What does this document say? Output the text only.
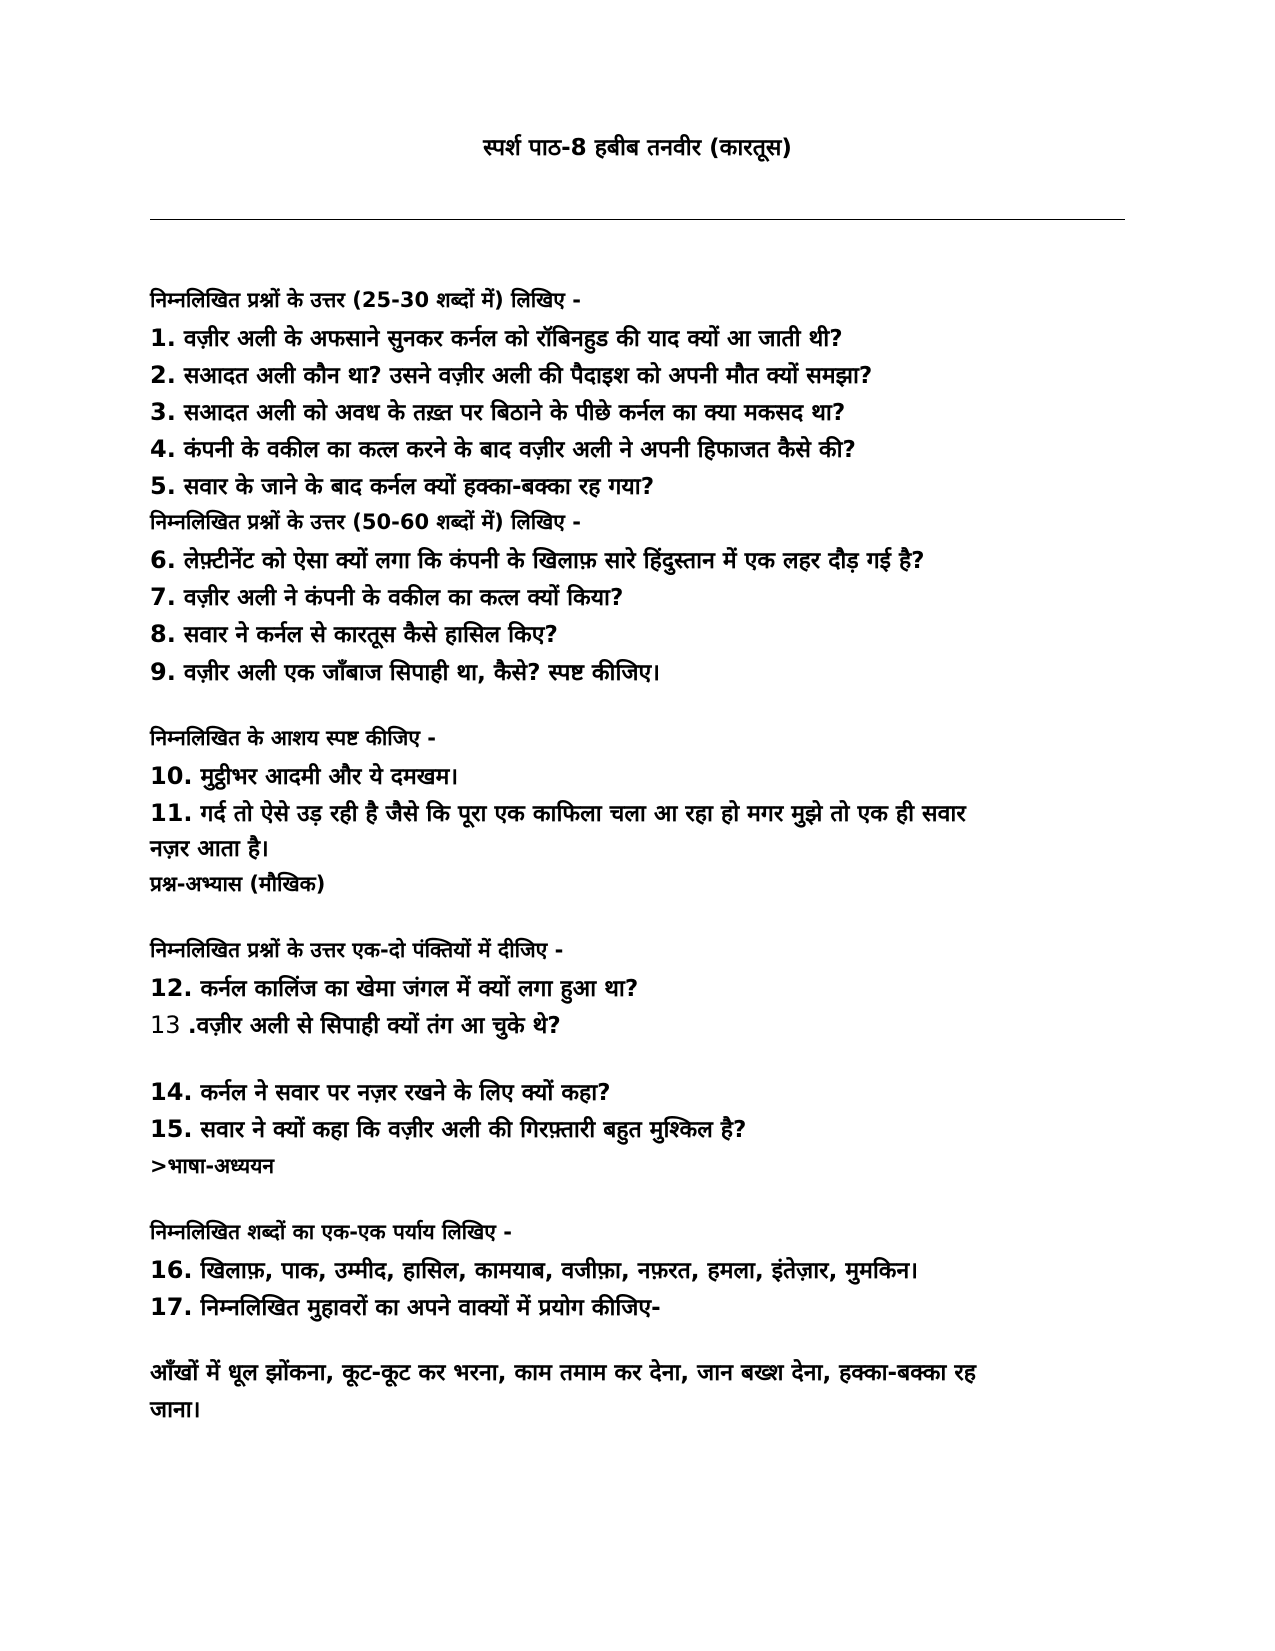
स्पर्श पाठ-8 हबीब तनवीर (कारतूस)
निम्नलिखित प्रश्नों के उत्तर (25-30 शब्दों में) लिखिए -
1. वज़ीर अली के अफसाने सुनकर कर्नल को रॉबिनहुड की याद क्यों आ जाती थी?
2. सआदत अली कौन था? उसने वज़ीर अली की पैदाइश को अपनी मौत क्यों समझा?
3. सआदत अली को अवध के तख़्त पर बिठाने के पीछे कर्नल का क्या मकसद था?
4. कंपनी के वकील का कत्ल करने के बाद वज़ीर अली ने अपनी हिफाजत कैसे की?
5. सवार के जाने के बाद कर्नल क्यों हक्का-बक्का रह गया?
निम्नलिखित प्रश्नों के उत्तर (50-60 शब्दों में) लिखिए -
6. लेफ़्टीनेंट को ऐसा क्यों लगा कि कंपनी के खिलाफ़ सारे हिंदुस्तान में एक लहर दौड़ गई है?
7. वज़ीर अली ने कंपनी के वकील का कत्ल क्यों किया?
8. सवार ने कर्नल से कारतूस कैसे हासिल किए?
9. वज़ीर अली एक जाँबाज सिपाही था, कैसे? स्पष्ट कीजिए।
निम्नलिखित के आशय स्पष्ट कीजिए -
10. मुट्ठीभर आदमी और ये दमखम।
11. गर्द तो ऐसे उड़ रही है जैसे कि पूरा एक काफिला चला आ रहा हो मगर मुझे तो एक ही सवार
नज़र आता है।
प्रश्न-अभ्यास (मौखिक)
निम्नलिखित प्रश्नों के उत्तर एक-दो पंक्तियों में दीजिए -
12. कर्नल कालिंज का खेमा जंगल में क्यों लगा हुआ था?
13 .वज़ीर अली से सिपाही क्यों तंग आ चुके थे?
14. कर्नल ने सवार पर नज़र रखने के लिए क्यों कहा?
15. सवार ने क्यों कहा कि वज़ीर अली की गिरफ़्तारी बहुत मुश्किल है?
>भाषा-अध्ययन
निम्नलिखित शब्दों का एक-एक पर्याय लिखिए -
16. खिलाफ़, पाक, उम्मीद, हासिल, कामयाब, वजीफ़ा, नफ़रत, हमला, इंतेज़ार, मुमकिन।
17. निम्नलिखित मुहावरों का अपने वाक्यों में प्रयोग कीजिए-
आँखों में धूल झोंकना, कूट-कूट कर भरना, काम तमाम कर देना, जान बख्श देना, हक्का-बक्का रह
जाना।
